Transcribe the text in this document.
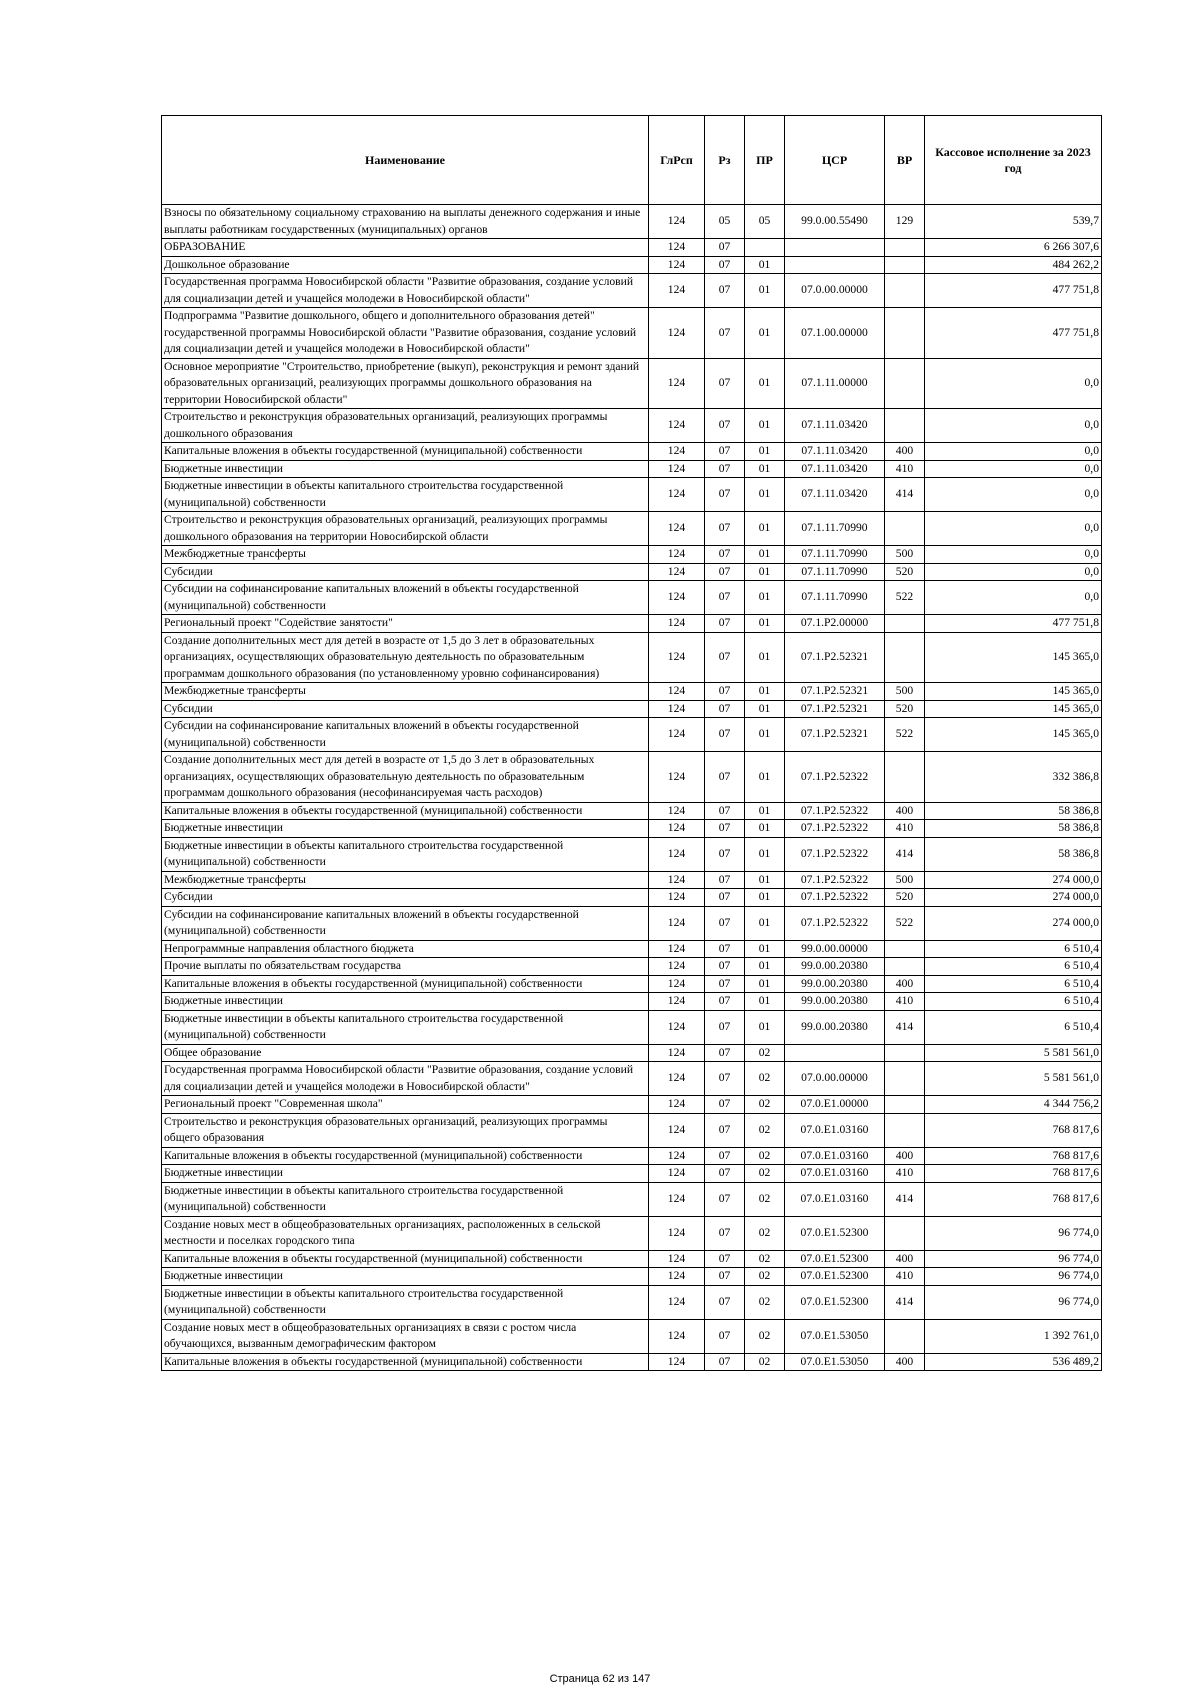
Наименование	ГлРсп	Рз	ПР	ЦСР	ВР	Кассовое исполнение за 2023 год
Взносы по обязательному социальному страхованию на выплаты денежного содержания и иные выплаты работникам государственных (муниципальных) органов	124	05	05	99.0.00.55490	129	539,7
ОБРАЗОВАНИЕ	124	07				6 266 307,6
Дошкольное образование	124	07	01			484 262,2
Государственная программа Новосибирской области "Развитие образования, создание условий для социализации детей и учащейся молодежи в Новосибирской области"	124	07	01	07.0.00.00000		477 751,8
Подпрограмма "Развитие дошкольного, общего и дополнительного образования детей" государственной программы Новосибирской области "Развитие образования, создание условий для социализации детей и учащейся молодежи в Новосибирской области"	124	07	01	07.1.00.00000		477 751,8
Основное мероприятие "Строительство, приобретение (выкуп), реконструкция и ремонт зданий образовательных организаций, реализующих программы дошкольного образования на территории Новосибирской области"	124	07	01	07.1.11.00000		0,0
Строительство и реконструкция образовательных организаций, реализующих программы дошкольного образования	124	07	01	07.1.11.03420		0,0
Капитальные вложения в объекты государственной (муниципальной) собственности	124	07	01	07.1.11.03420	400	0,0
Бюджетные инвестиции	124	07	01	07.1.11.03420	410	0,0
Бюджетные инвестиции в объекты капитального строительства государственной (муниципальной) собственности	124	07	01	07.1.11.03420	414	0,0
Строительство и реконструкция образовательных организаций, реализующих программы дошкольного образования на территории Новосибирской области	124	07	01	07.1.11.70990		0,0
Межбюджетные трансферты	124	07	01	07.1.11.70990	500	0,0
Субсидии	124	07	01	07.1.11.70990	520	0,0
Субсидии на софинансирование капитальных вложений в объекты государственной (муниципальной) собственности	124	07	01	07.1.11.70990	522	0,0
Региональный проект "Содействие занятости"	124	07	01	07.1.P2.00000		477 751,8
Создание дополнительных мест для детей в возрасте от 1,5 до 3 лет в образовательных организациях, осуществляющих образовательную деятельность по образовательным программам дошкольного образования (по установленному уровню софинансирования)	124	07	01	07.1.P2.52321		145 365,0
Межбюджетные трансферты	124	07	01	07.1.P2.52321	500	145 365,0
Субсидии	124	07	01	07.1.P2.52321	520	145 365,0
Субсидии на софинансирование капитальных вложений в объекты государственной (муниципальной) собственности	124	07	01	07.1.P2.52321	522	145 365,0
Создание дополнительных мест для детей в возрасте от 1,5 до 3 лет в образовательных организациях, осуществляющих образовательную деятельность по образовательным программам дошкольного образования (несофинансируемая часть расходов)	124	07	01	07.1.P2.52322		332 386,8
Капитальные вложения в объекты государственной (муниципальной) собственности	124	07	01	07.1.P2.52322	400	58 386,8
Бюджетные инвестиции	124	07	01	07.1.P2.52322	410	58 386,8
Бюджетные инвестиции в объекты капитального строительства государственной (муниципальной) собственности	124	07	01	07.1.P2.52322	414	58 386,8
Межбюджетные трансферты	124	07	01	07.1.P2.52322	500	274 000,0
Субсидии	124	07	01	07.1.P2.52322	520	274 000,0
Субсидии на софинансирование капитальных вложений в объекты государственной (муниципальной) собственности	124	07	01	07.1.P2.52322	522	274 000,0
Непрограммные направления областного бюджета	124	07	01	99.0.00.00000		6 510,4
Прочие выплаты по обязательствам государства	124	07	01	99.0.00.20380		6 510,4
Капитальные вложения в объекты государственной (муниципальной) собственности	124	07	01	99.0.00.20380	400	6 510,4
Бюджетные инвестиции	124	07	01	99.0.00.20380	410	6 510,4
Бюджетные инвестиции в объекты капитального строительства государственной (муниципальной) собственности	124	07	01	99.0.00.20380	414	6 510,4
Общее образование	124	07	02			5 581 561,0
Государственная программа Новосибирской области "Развитие образования, создание условий для социализации детей и учащейся молодежи в Новосибирской области"	124	07	02	07.0.00.00000		5 581 561,0
Региональный проект "Современная школа"	124	07	02	07.0.E1.00000		4 344 756,2
Строительство и реконструкция образовательных организаций, реализующих программы общего образования	124	07	02	07.0.E1.03160		768 817,6
Капитальные вложения в объекты государственной (муниципальной) собственности	124	07	02	07.0.E1.03160	400	768 817,6
Бюджетные инвестиции	124	07	02	07.0.E1.03160	410	768 817,6
Бюджетные инвестиции в объекты капитального строительства государственной (муниципальной) собственности	124	07	02	07.0.E1.03160	414	768 817,6
Создание новых мест в общеобразовательных организациях, расположенных в сельской местности и поселках городского типа	124	07	02	07.0.E1.52300		96 774,0
Капитальные вложения в объекты государственной (муниципальной) собственности	124	07	02	07.0.E1.52300	400	96 774,0
Бюджетные инвестиции	124	07	02	07.0.E1.52300	410	96 774,0
Бюджетные инвестиции в объекты капитального строительства государственной (муниципальной) собственности	124	07	02	07.0.E1.52300	414	96 774,0
Создание новых мест в общеобразовательных организациях в связи с ростом числа обучающихся, вызванным демографическим фактором	124	07	02	07.0.E1.53050		1 392 761,0
Капитальные вложения в объекты государственной (муниципальной) собственности	124	07	02	07.0.E1.53050	400	536 489,2
Страница 62 из 147
